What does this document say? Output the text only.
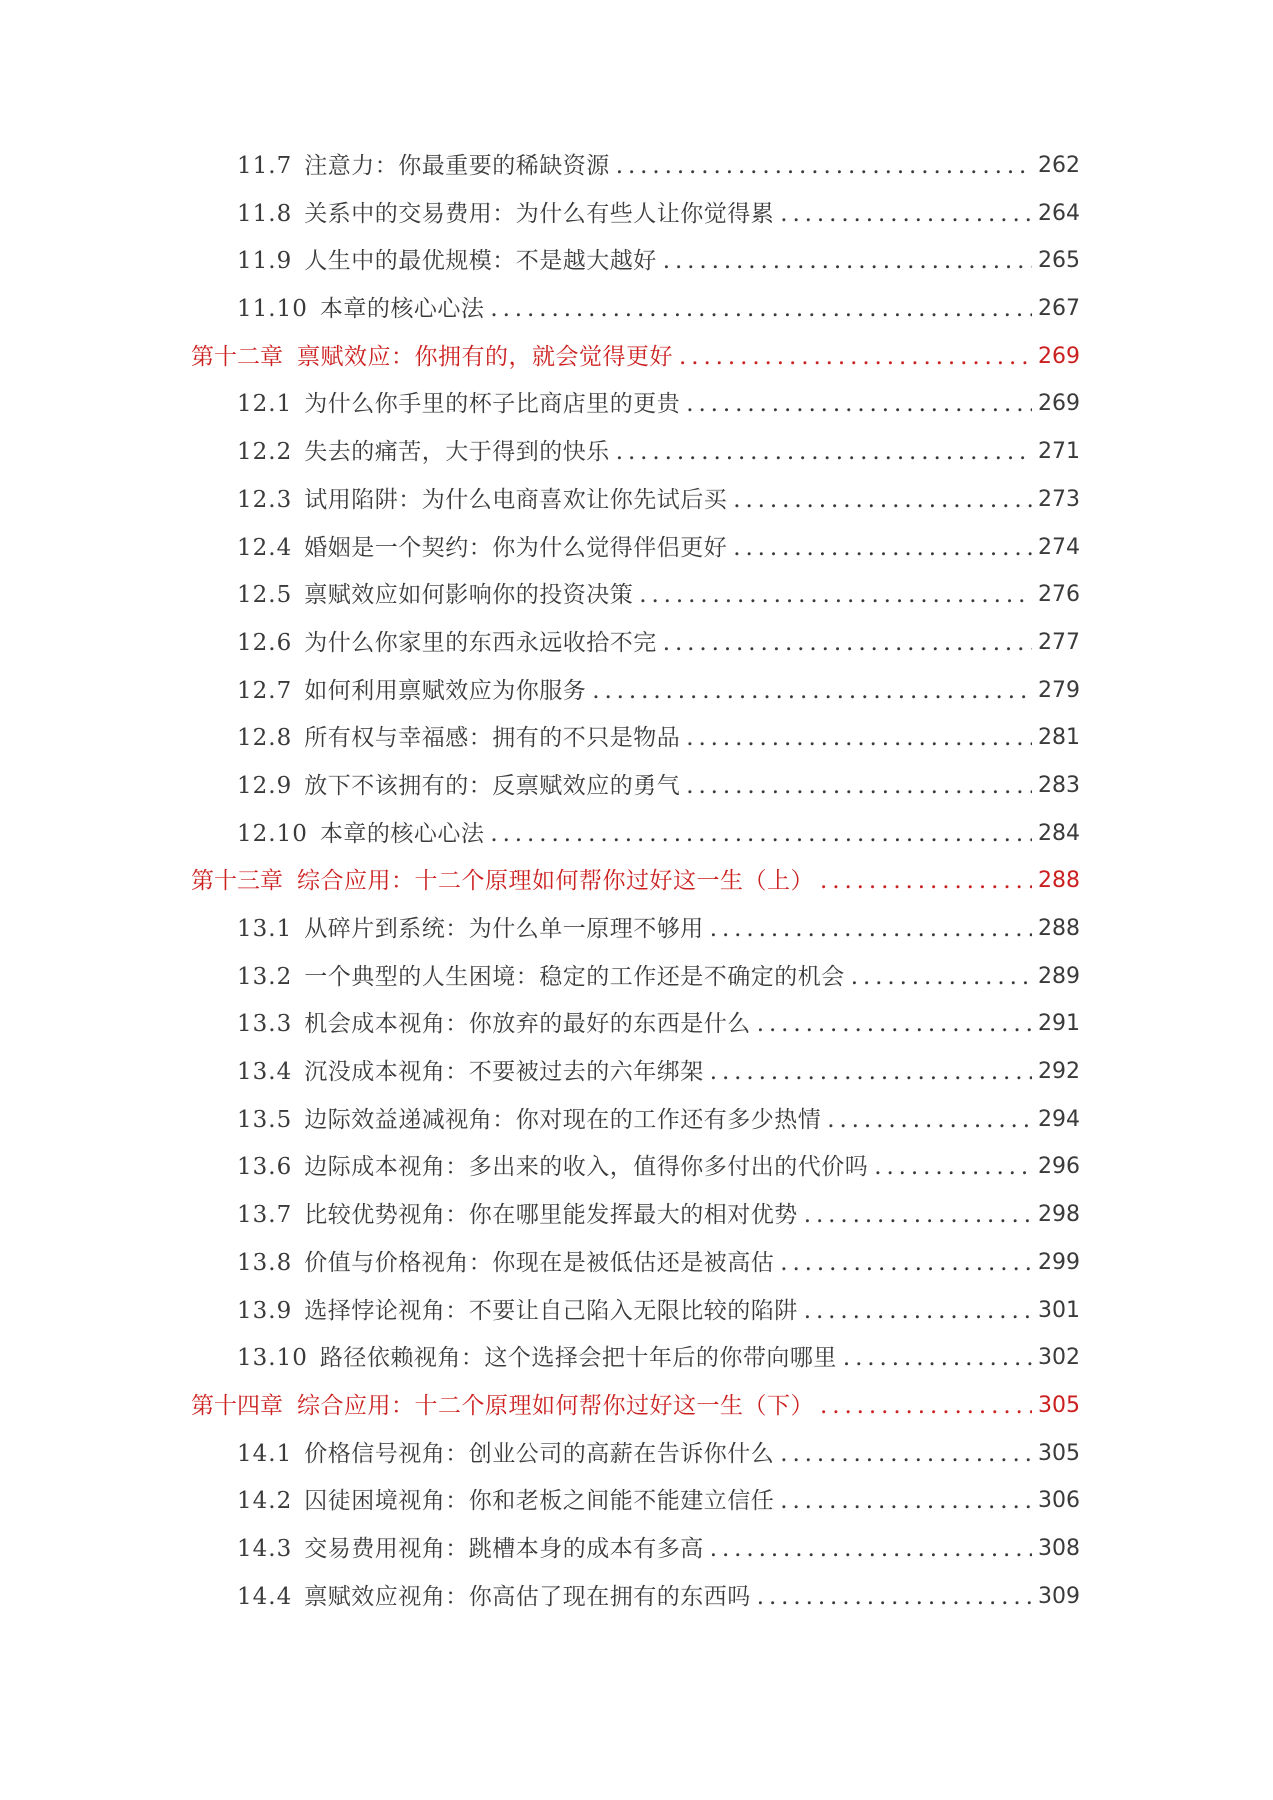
11.7 注意力：你最重要的稀缺资源 . . .	262
11.8 关系中的交易费用：为什么有些人让你觉得累 . . .	264
11.9 人生中的最优规模：不是越大越好 . . .	265
11.10 本章的核心心法 . . .	267
第十二章 禀赋效应：你拥有的，就会觉得更好 . . .	269
12.1 为什么你手里的杯子比商店里的更贵 . . .	269
12.2 失去的痛苦，大于得到的快乐 . . .	271
12.3 试用陷阱：为什么电商喜欢让你先试后买 . . .	273
12.4 婚姻是一个契约：你为什么觉得伴侣更好 . . .	274
12.5 禀赋效应如何影响你的投资决策 . . .	276
12.6 为什么你家里的东西永远收拾不完 . . .	277
12.7 如何利用禀赋效应为你服务 . . .	279
12.8 所有权与幸福感：拥有的不只是物品 . . .	281
12.9 放下不该拥有的：反禀赋效应的勇气 . . .	283
12.10 本章的核心心法 . . .	284
第十三章 综合应用：十二个原理如何帮你过好这一生（上） . . .	288
13.1 从碎片到系统：为什么单一原理不够用 . . .	288
13.2 一个典型的人生困境：稳定的工作还是不确定的机会 . . .	289
13.3 机会成本视角：你放弃的最好的东西是什么 . . .	291
13.4 沉没成本视角：不要被过去的六年绑架 . . .	292
13.5 边际效益递减视角：你对现在的工作还有多少热情 . . .	294
13.6 边际成本视角：多出来的收入，值得你多付出的代价吗 . . .	296
13.7 比较优势视角：你在哪里能发挥最大的相对优势 . . .	298
13.8 价值与价格视角：你现在是被低估还是被高估 . . .	299
13.9 选择悖论视角：不要让自己陷入无限比较的陷阱 . . .	301
13.10 路径依赖视角：这个选择会把十年后的你带向哪里 . . .	302
第十四章 综合应用：十二个原理如何帮你过好这一生（下） . . .	305
14.1 价格信号视角：创业公司的高薪在告诉你什么 . . .	305
14.2 囚徒困境视角：你和老板之间能不能建立信任 . . .	306
14.3 交易费用视角：跳槽本身的成本有多高 . . .	308
14.4 禀赋效应视角：你高估了现在拥有的东西吗 . . .	309
